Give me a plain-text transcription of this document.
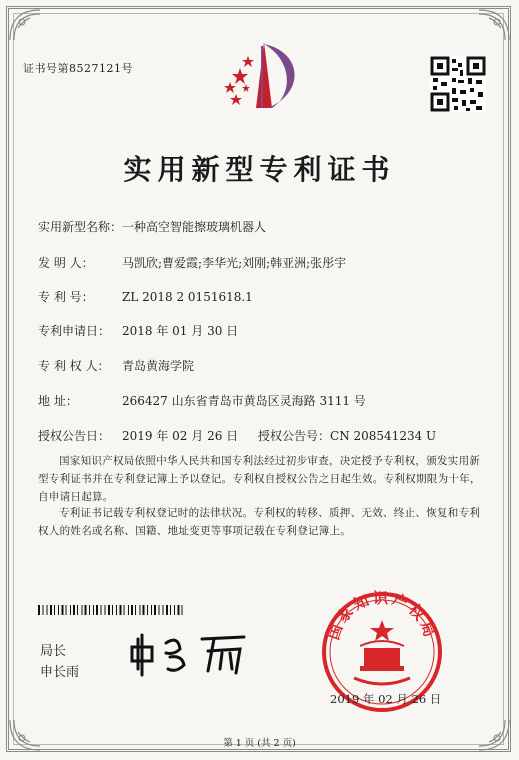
证书号第8527121号
实用新型专利证书
实用新型名称：一种高空智能擦玻璃机器人
发 明 人： 马凯欣;曹爱霞;李华光;刘刚;韩亚洲;张彤宇
专 利 号： ZL 2018 2 0151618.1
专利申请日： 2018 年 01 月 30 日
专 利 权 人： 青岛黄海学院
地 址：	266427 山东省青岛市黄岛区灵海路 3111 号
授权公告日： 2019 年 02 月 26 日 授权公告号：CN 208541234 U
国家知识产权局依照中华人民共和国专利法经过初步审查，决定授予专利权，颁发实用新型专利证书并在专利登记簿上予以登记。专利权自授权公告之日起生效。专利权期限为十年，自申请日起算。
专利证书记载专利权登记时的法律状况。专利权的转移、质押、无效、终止、恢复和专利权人的姓名或名称、国籍、地址变更等事项记载在专利登记簿上。
局长
申长雨
国家知识产权局
2019 年 02 月 26 日
第 1 页 (共 2 页)
